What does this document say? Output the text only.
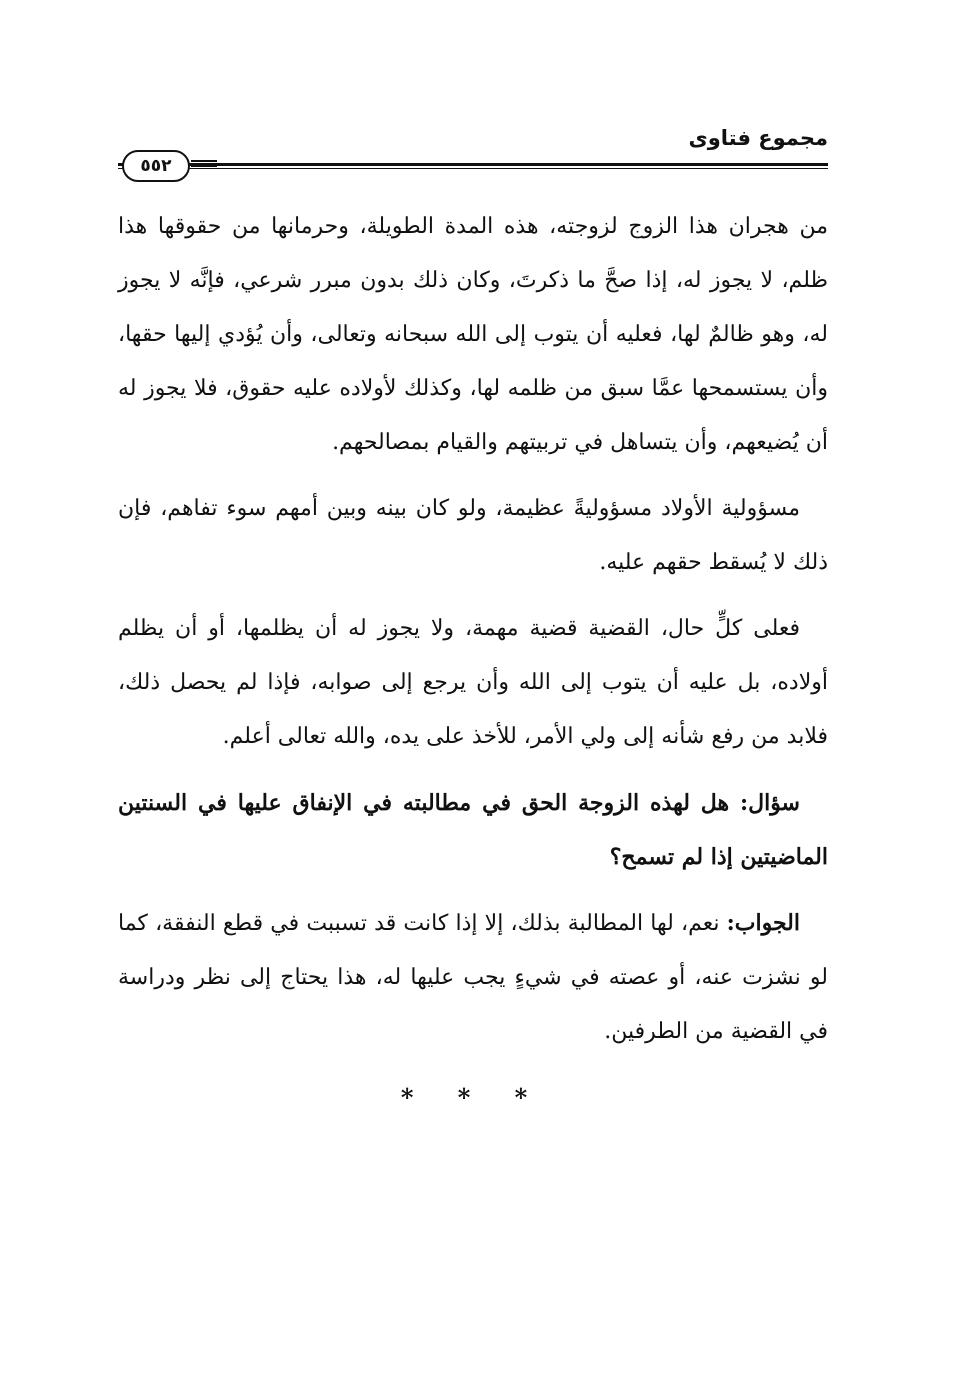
مجموع فتاوى
٥٥٢

من هجران هذا الزوج لزوجته، هذه المدة الطويلة، وحرمانها من حقوقها هذا ظلم، لا يجوز له، إذا صحَّ ما ذكرتَ، وكان ذلك بدون مبرر شرعي، فإنَّه لا يجوز له، وهو ظالمٌ لها، فعليه أن يتوب إلى الله سبحانه وتعالى، وأن يُؤدي إليها حقها، وأن يستسمحها عمَّا سبق من ظلمه لها، وكذلك لأولاده عليه حقوق، فلا يجوز له أن يُضيعهم، وأن يتساهل في تربيتهم والقيام بمصالحهم.

مسؤولية الأولاد مسؤوليةً عظيمة، ولو كان بينه وبين أمهم سوء تفاهم، فإن ذلك لا يُسقط حقهم عليه.

فعلى كلٍّ حال، القضية قضية مهمة، ولا يجوز له أن يظلمها، أو أن يظلم أولاده، بل عليه أن يتوب إلى الله وأن يرجع إلى صوابه، فإذا لم يحصل ذلك، فلابد من رفع شأنه إلى ولي الأمر، للأخذ على يده، والله تعالى أعلم.

سؤال: هل لهذه الزوجة الحق في مطالبته في الإنفاق عليها في السنتين الماضيتين إذا لم تسمح؟

الجواب: نعم، لها المطالبة بذلك، إلا إذا كانت قد تسببت في قطع النفقة، كما لو نشزت عنه، أو عصته في شيءٍ يجب عليها له، هذا يحتاج إلى نظر ودراسة في القضية من الطرفين.

* * *
